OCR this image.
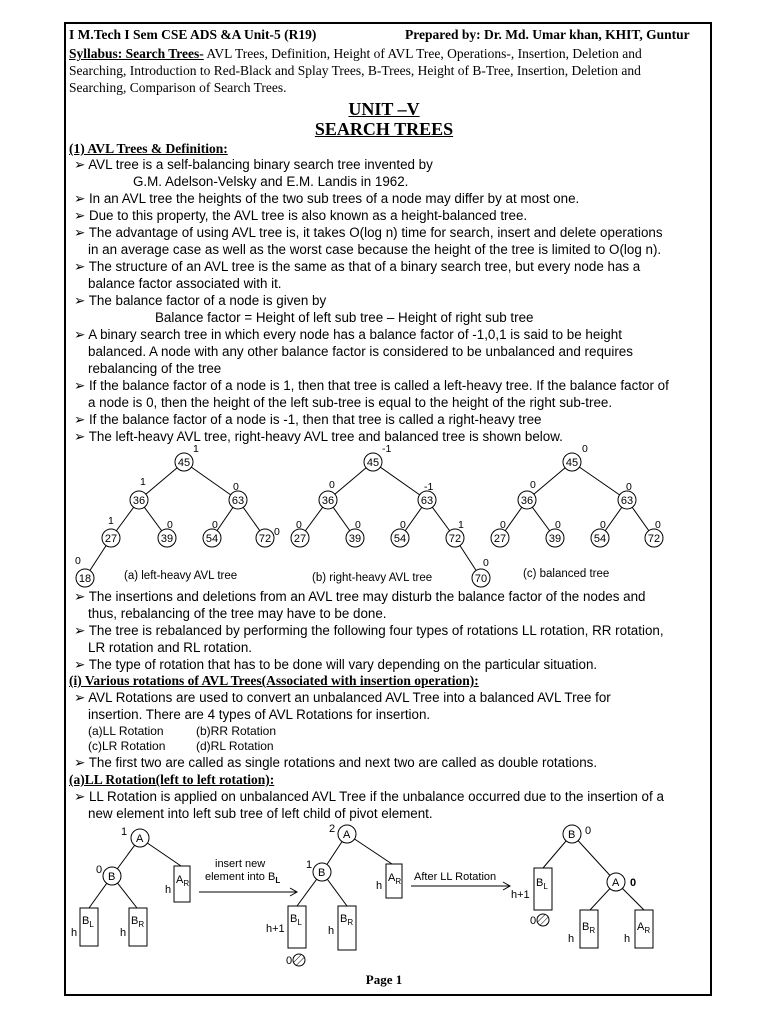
I M.Tech I Sem CSE ADS &A Unit-5 (R19)	Prepared by: Dr. Md. Umar khan, KHIT, Guntur
Syllabus: Search Trees- AVL Trees, Definition, Height of AVL Tree, Operations-, Insertion, Deletion and
Searching, Introduction to Red-Black and Splay Trees, B-Trees, Height of B-Tree, Insertion, Deletion and
Searching, Comparison of Search Trees.
UNIT –V
SEARCH TREES
(1) AVL Trees & Definition:
➢ AVL tree is a self-balancing binary search tree invented by
G.M. Adelson-Velsky and E.M. Landis in 1962.
➢ In an AVL tree the heights of the two sub trees of a node may differ by at most one.
➢ Due to this property, the AVL tree is also known as a height-balanced tree.
➢ The advantage of using AVL tree is, it takes O(log n) time for search, insert and delete operations
in an average case as well as the worst case because the height of the tree is limited to O(log n).
➢ The structure of an AVL tree is the same as that of a binary search tree, but every node has a
balance factor associated with it.
➢ The balance factor of a node is given by
Balance factor = Height of left sub tree – Height of right sub tree
➢ A binary search tree in which every node has a balance factor of -1,0,1 is said to be height
balanced. A node with any other balance factor is considered to be unbalanced and requires
rebalancing of the tree
➢ If the balance factor of a node is 1, then that tree is called a left-heavy tree. If the balance factor of
a node is 0, then the height of the left sub-tree is equal to the height of the right sub-tree.
➢ If the balance factor of a node is -1, then that tree is called a right-heavy tree
➢ The left-heavy AVL tree, right-heavy AVL tree and balanced tree is shown below.
45
1
36
1
63
0
27
1
39
0
54
0
72
0
18
0
45
-1
36
0
63
-1
27
0
39
0
54
0
72
1
70
0
45
0
36
0
63
0
27
0
39
0
54
0
72
0
(a) left-heavy AVL tree	(b) right-heavy AVL tree	(c) balanced tree
➢ The insertions and deletions from an AVL tree may disturb the balance factor of the nodes and
thus, rebalancing of the tree may have to be done.
➢ The tree is rebalanced by performing the following four types of rotations LL rotation, RR rotation,
LR rotation and RL rotation.
➢ The type of rotation that has to be done will vary depending on the particular situation.
(i) Various rotations of AVL Trees(Associated with insertion operation):
➢ AVL Rotations are used to convert an unbalanced AVL Tree into a balanced AVL Tree for
insertion. There are 4 types of AVL Rotations for insertion.
(a)LL Rotation	(b)RR Rotation
(c)LR Rotation	(d)RL Rotation
➢ The first two are called as single rotations and next two are called as double rotations.
(a)LL Rotation(left to left rotation):
➢ LL Rotation is applied on unbalanced AVL Tree if the unbalance occurred due to the insertion of a
new element into left sub tree of left child of pivot element.
A
B
1
0
$A_R$
h
$B_L$
h
$B_R$
h
insert new
element into $B_L$
A
B
2
1
$A_R$
h
$B_L$
h+1
$B_R$
h
0
After LL Rotation
B
A
0
0
$B_L$
h+1
0	$B_R$
h
$A_R$
h
Page 1
